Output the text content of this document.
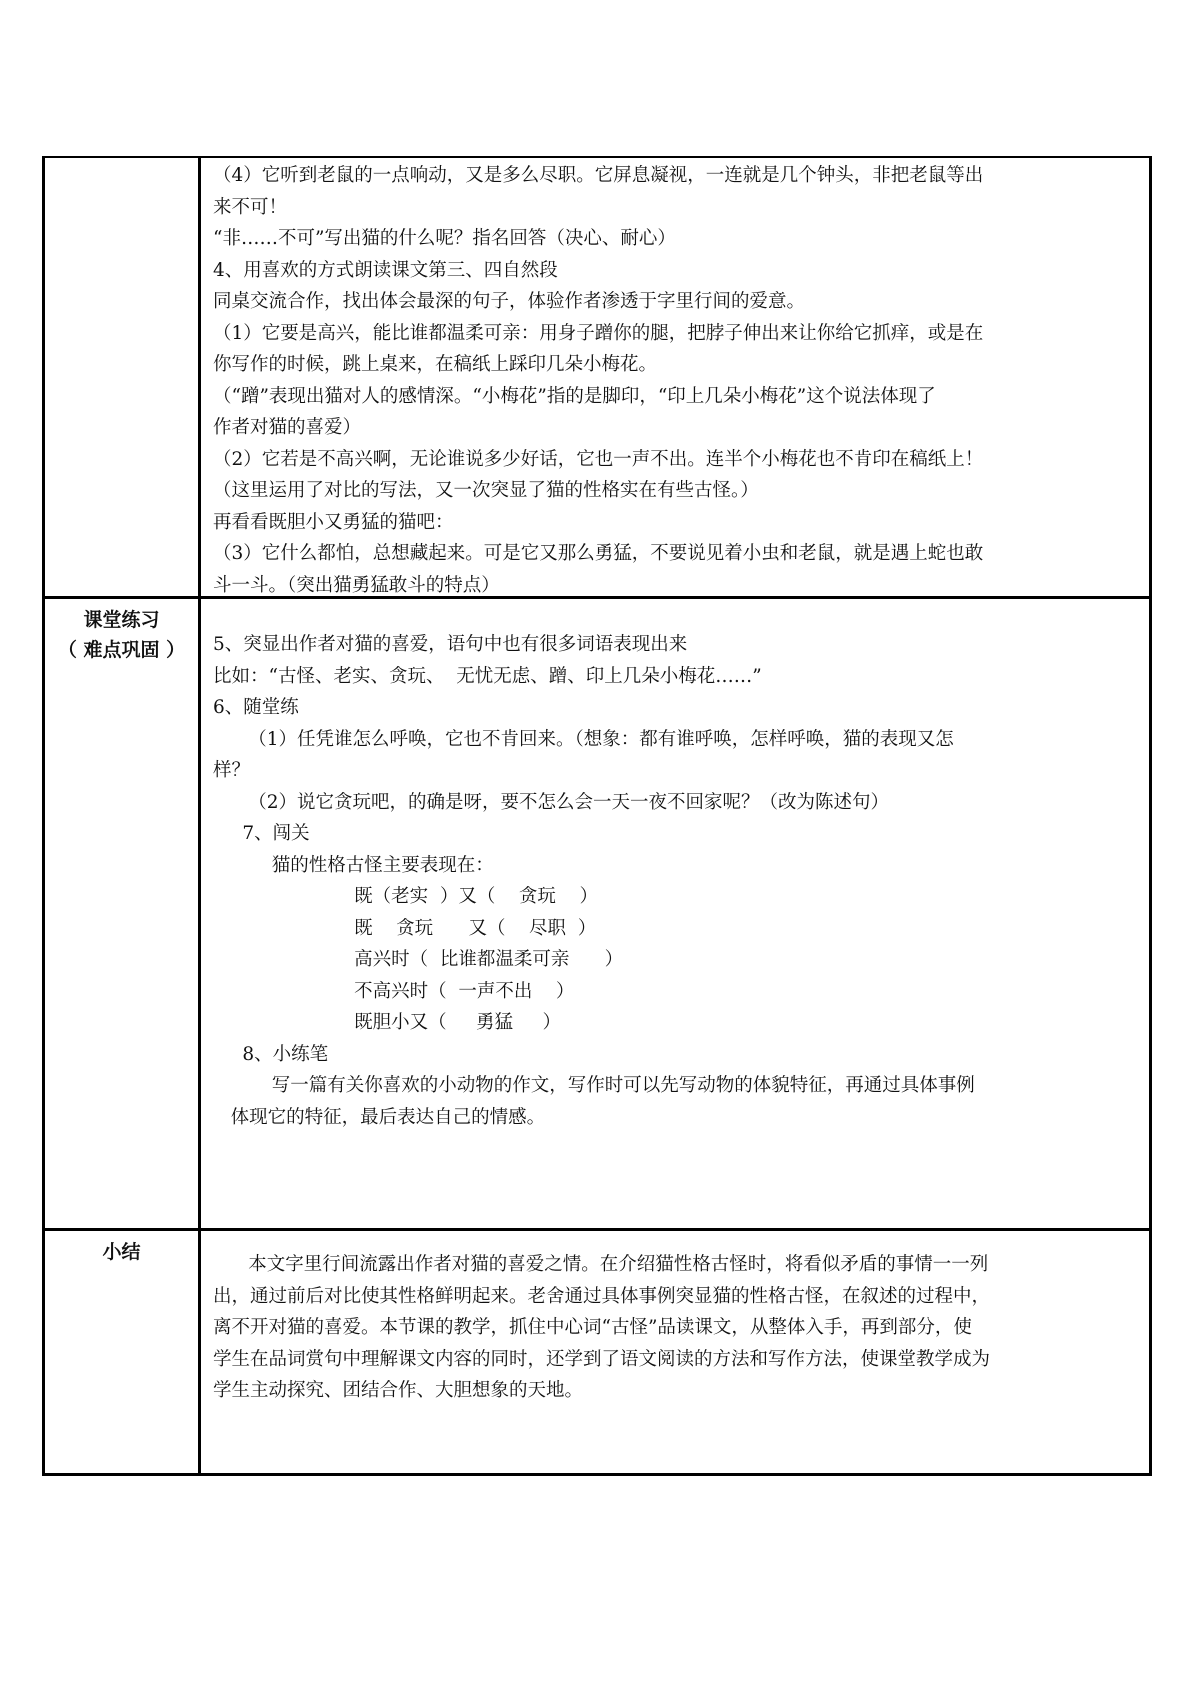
（4）它听到老鼠的一点响动，又是多么尽职。它屏息凝视，一连就是几个钟头，非把老鼠等出
来不可！
“非……不可”写出猫的什么呢？指名回答（决心、耐心）
4、用喜欢的方式朗读课文第三、四自然段
同桌交流合作，找出体会最深的句子，体验作者渗透于字里行间的爱意。
（1）它要是高兴，能比谁都温柔可亲：用身子蹭你的腿，把脖子伸出来让你给它抓痒，或是在
你写作的时候，跳上桌来，在稿纸上踩印几朵小梅花。
（“蹭”表现出猫对人的感情深。“小梅花”指的是脚印，“印上几朵小梅花”这个说法体现了
作者对猫的喜爱）
（2）它若是不高兴啊，无论谁说多少好话，它也一声不出。连半个小梅花也不肯印在稿纸上！
（这里运用了对比的写法，又一次突显了猫的性格实在有些古怪。）
再看看既胆小又勇猛的猫吧：
（3）它什么都怕，总想藏起来。可是它又那么勇猛，不要说见着小虫和老鼠，就是遇上蛇也敢
斗一斗。（突出猫勇猛敢斗的特点）
课堂练习
（ 难点巩固 ）	5、突显出作者对猫的喜爱，语句中也有很多词语表现出来
比如：“古怪、老实、贪玩、  无忧无虑、蹭、印上几朵小梅花……”
6、随堂练
（1）任凭谁怎么呼唤，它也不肯回来。（想象：都有谁呼唤，怎样呼唤，猫的表现又怎
样？
（2）说它贪玩吧，的确是呀，要不怎么会一天一夜不回家呢？（改为陈述句）
7、闯关
猫的性格古怪主要表现在：
既（老实  ）又（    贪玩    ）
既    贪玩      又（    尽职  ）
高兴时（  比谁都温柔可亲      ）
不高兴时（  一声不出    ）
既胆小又（     勇猛     ）
8、小练笔
写一篇有关你喜欢的小动物的作文，写作时可以先写动物的体貌特征，再通过具体事例
体现它的特征，最后表达自己的情感。
小结
本文字里行间流露出作者对猫的喜爱之情。在介绍猫性格古怪时，将看似矛盾的事情一一列
出，通过前后对比使其性格鲜明起来。老舍通过具体事例突显猫的性格古怪，在叙述的过程中，
离不开对猫的喜爱。本节课的教学，抓住中心词“古怪”品读课文，从整体入手，再到部分，使
学生在品词赏句中理解课文内容的同时，还学到了语文阅读的方法和写作方法，使课堂教学成为
学生主动探究、团结合作、大胆想象的天地。
